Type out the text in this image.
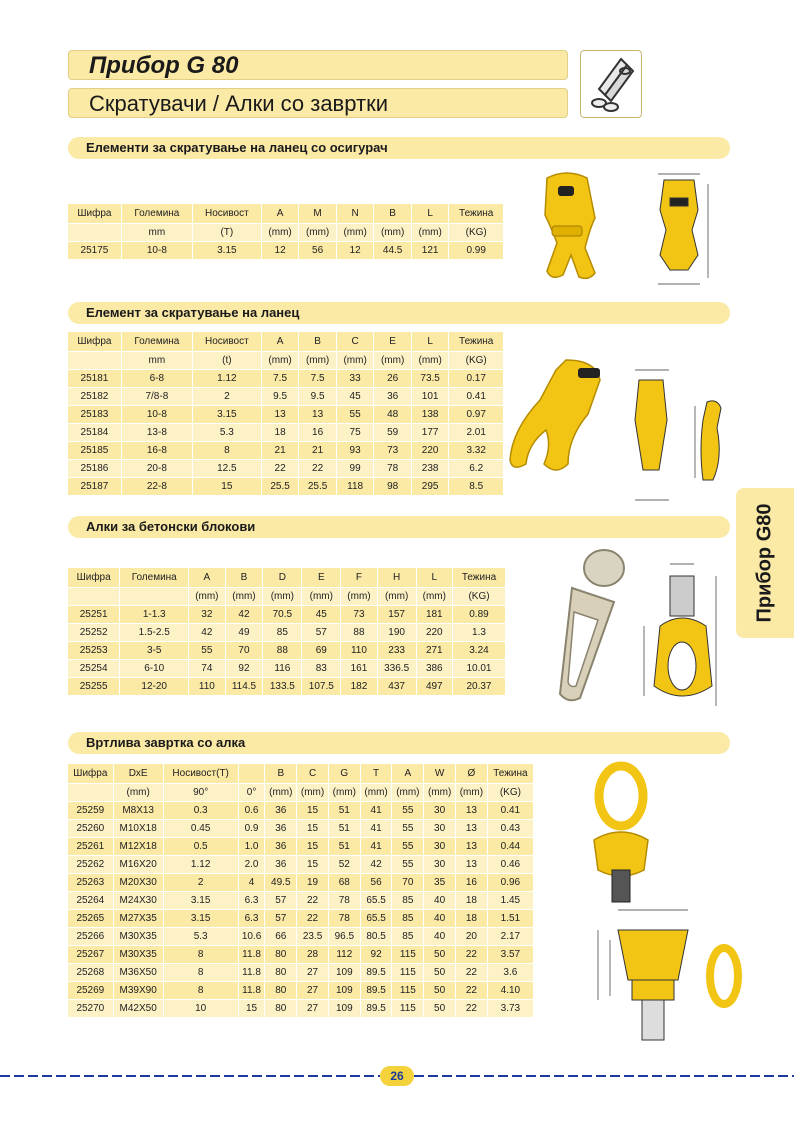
Прибор G 80
Скратувачи / Алки со завртки
Елементи за скратување на ланец со осигурач
Шифра	Големина	Носивост	A	M	N	B	L	Тежина
	mm	(T)	(mm)	(mm)	(mm)	(mm)	(mm)	(KG)
25175	10-8	3.15	12	56	12	44.5	121	0.99
Елемент за скратување на ланец
Шифра	Големина	Носивост	A	B	C	E	L	Тежина
	mm	(t)	(mm)	(mm)	(mm)	(mm)	(mm)	(KG)
25181	6-8	1.12	7.5	7.5	33	26	73.5	0.17
25182	7/8-8	2	9.5	9.5	45	36	101	0.41
25183	10-8	3.15	13	13	55	48	138	0.97
25184	13-8	5.3	18	16	75	59	177	2.01
25185	16-8	8	21	21	93	73	220	3.32
25186	20-8	12.5	22	22	99	78	238	6.2
25187	22-8	15	25.5	25.5	118	98	295	8.5
Прибор G80
Алки за бетонски блокови
Шифра	Големина	A	B	D	E	F	H	L	Тежина
		(mm)	(mm)	(mm)	(mm)	(mm)	(mm)	(mm)	(KG)
25251	1-1.3	32	42	70.5	45	73	157	181	0.89
25252	1.5-2.5	42	49	85	57	88	190	220	1.3
25253	3-5	55	70	88	69	110	233	271	3.24
25254	6-10	74	92	116	83	161	336.5	386	10.01
25255	12-20	110	114.5	133.5	107.5	182	437	497	20.37
Вртлива завртка со алка
Шифра	DxE	Носивост(T)		B	C	G	T	A	W	Ø	Тежина
	(mm)	90°	0°	(mm)	(mm)	(mm)	(mm)	(mm)	(mm)	(mm)	(KG)
25259	M8X13	0.3	0.6	36	15	51	41	55	30	13	0.41
25260	M10X18	0.45	0.9	36	15	51	41	55	30	13	0.43
25261	M12X18	0.5	1.0	36	15	51	41	55	30	13	0.44
25262	M16X20	1.12	2.0	36	15	52	42	55	30	13	0.46
25263	M20X30	2	4	49.5	19	68	56	70	35	16	0.96
25264	M24X30	3.15	6.3	57	22	78	65.5	85	40	18	1.45
25265	M27X35	3.15	6.3	57	22	78	65.5	85	40	18	1.51
25266	M30X35	5.3	10.6	66	23.5	96.5	80.5	85	40	20	2.17
25267	M30X35	8	11.8	80	28	112	92	115	50	22	3.57
25268	M36X50	8	11.8	80	27	109	89.5	115	50	22	3.6
25269	M39X90	8	11.8	80	27	109	89.5	115	50	22	4.10
25270	M42X50	10	15	80	27	109	89.5	115	50	22	3.73
26
